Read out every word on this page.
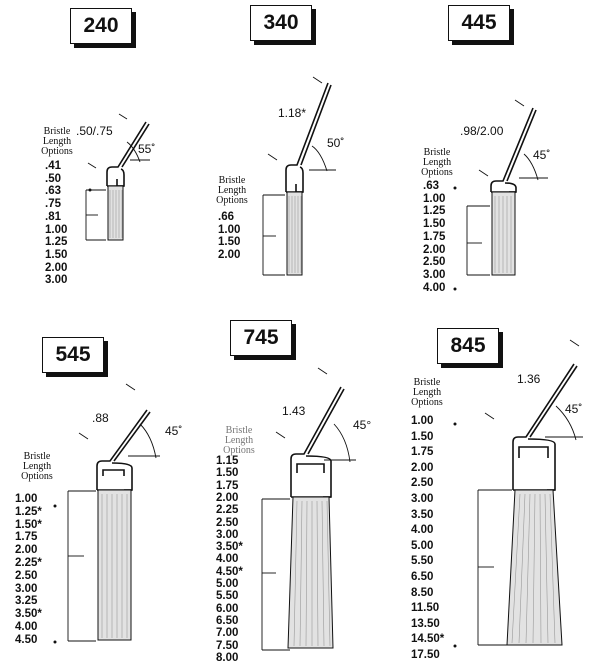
240
Bristle
Length
Options
.41
.50
.63
.75
.81
1.00
1.25
1.50
2.00
3.00
.50/.75
55˚
340
Bristle
Length
Options
.66
1.00
1.50
2.00
1.18*
50˚
445
Bristle
Length
Options
.63
1.00
1.25
1.50
1.75
2.00
2.50
3.00
4.00
.98/2.00
45˚
545
Bristle
Length
Options
1.00
1.25*
1.50*
1.75
2.00
2.25*
2.50
3.00
3.25
3.50*
4.00
4.50
.88
45˚
745
Bristle
Length
Options
1.15
1.50
1.75
2.00
2.25
2.50
3.00
3.50*
4.00
4.50*
5.00
5.50
6.00
6.50
7.00
7.50
8.00
1.43
45°
845
Bristle
Length
Options
1.00
1.50
1.75
2.00
2.50
3.00
3.50
4.00
5.00
5.50
6.50
8.50
11.50
13.50
14.50*
17.50
1.36
45˚
